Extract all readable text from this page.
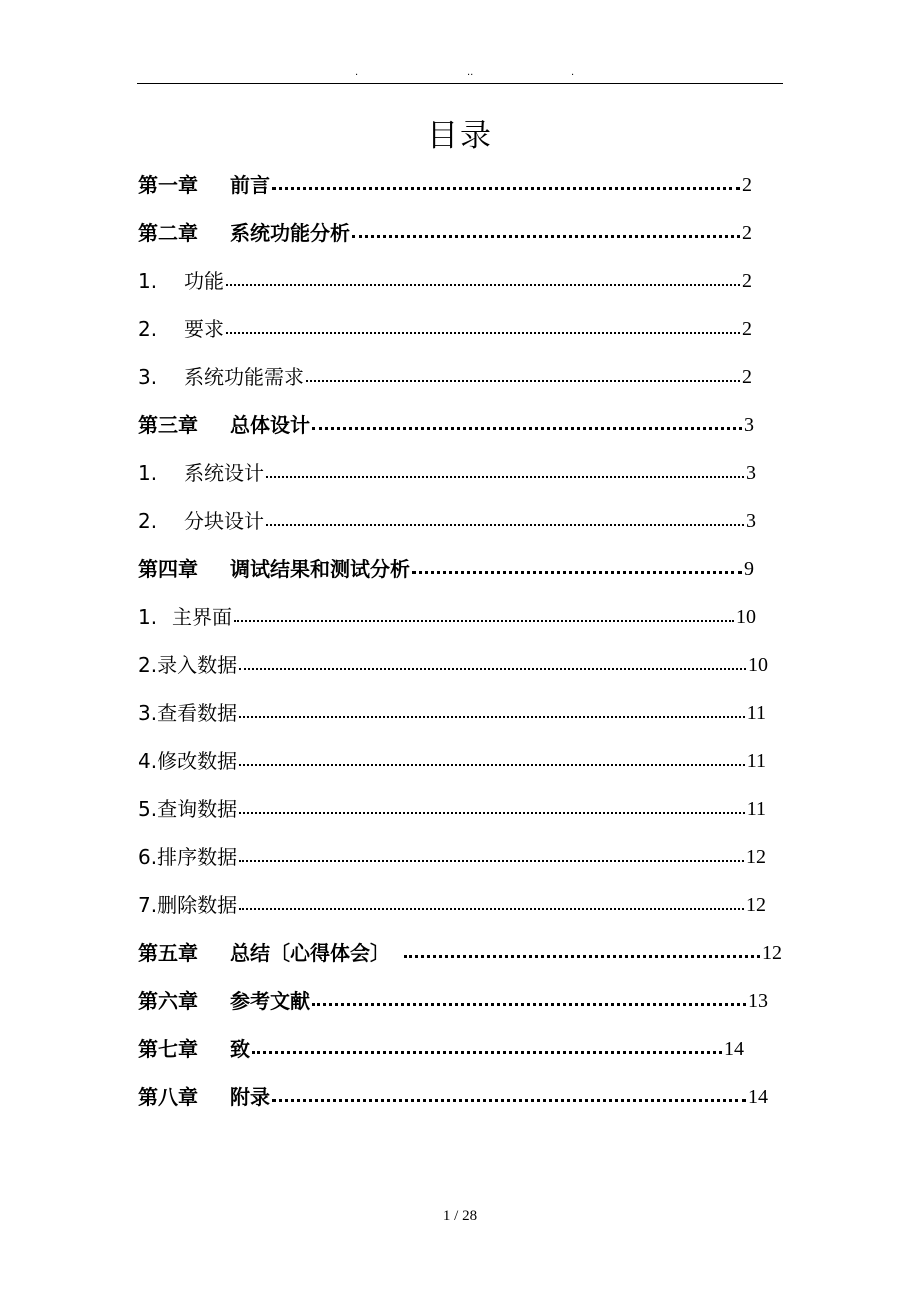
.	..	.
目录
第一章 前言	2
第二章 系统功能分析	2
1. 功能	2
2. 要求	2
3. 系统功能需求	2
第三章 总体设计	3
1. 系统设计	3
2. 分块设计	3
第四章 调试结果和测试分析	9
1. 主界面	10
2.录入数据	10
3.查看数据	11
4.修改数据	11
5.查询数据	11
6.排序数据	12
7.删除数据	12
第五章 总结〔心得体会〕	12
第六章 参考文献	13
第七章 致	14
第八章 附录	14
1 / 28
